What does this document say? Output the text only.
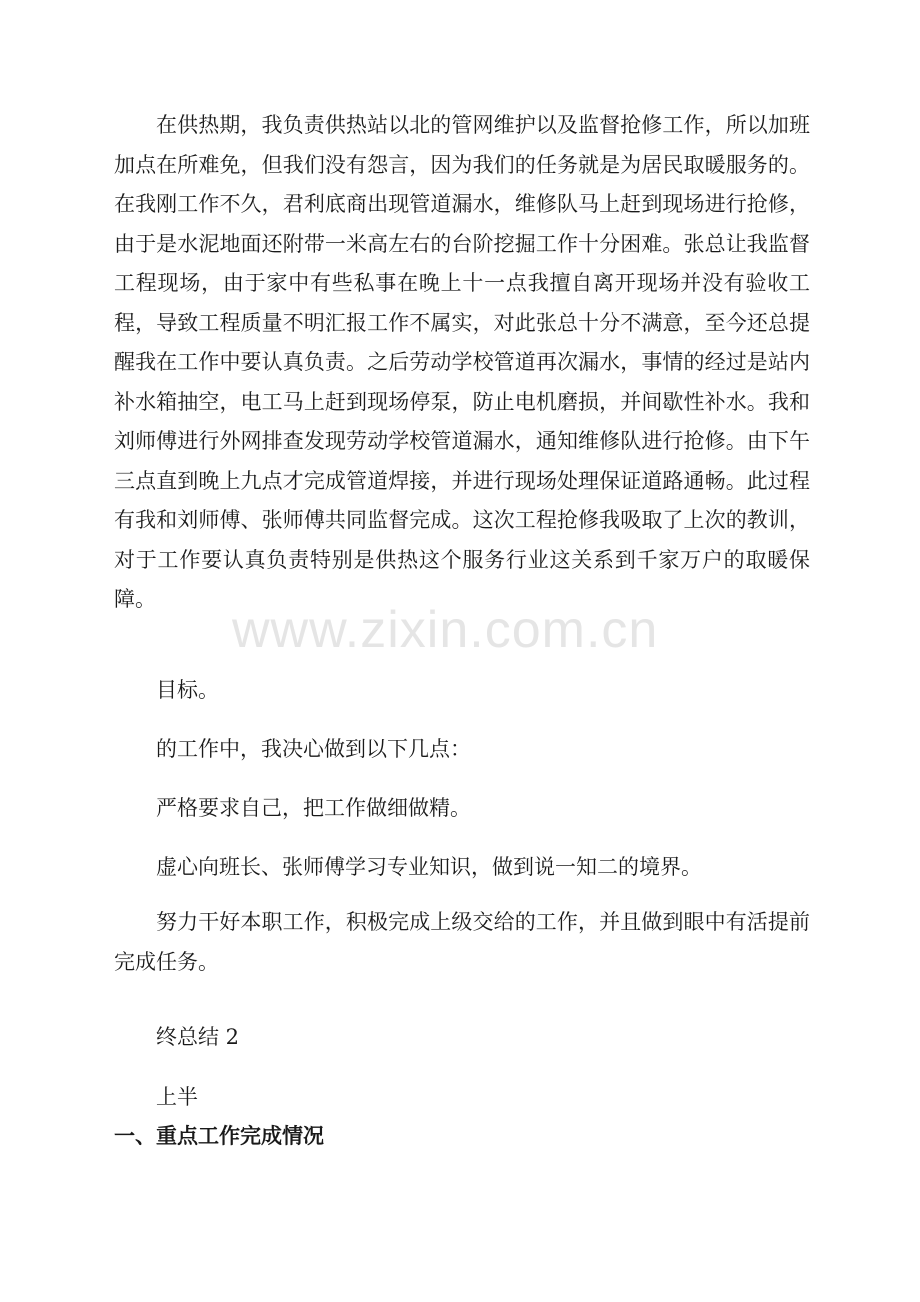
在供热期，我负责供热站以北的管网维护以及监督抢修工作，所以加班加点在所难免，但我们没有怨言，因为我们的任务就是为居民取暖服务的。在我刚工作不久，君利底商出现管道漏水，维修队马上赶到现场进行抢修，由于是水泥地面还附带一米高左右的台阶挖掘工作十分困难。张总让我监督工程现场，由于家中有些私事在晚上十一点我擅自离开现场并没有验收工程，导致工程质量不明汇报工作不属实，对此张总十分不满意，至今还总提醒我在工作中要认真负责。之后劳动学校管道再次漏水，事情的经过是站内补水箱抽空，电工马上赶到现场停泵，防止电机磨损，并间歇性补水。我和刘师傅进行外网排查发现劳动学校管道漏水，通知维修队进行抢修。由下午三点直到晚上九点才完成管道焊接，并进行现场处理保证道路通畅。此过程有我和刘师傅、张师傅共同监督完成。这次工程抢修我吸取了上次的教训，对于工作要认真负责特别是供热这个服务行业这关系到千家万户的取暖保障。

目标。

的工作中，我决心做到以下几点：

严格要求自己，把工作做细做精。

虚心向班长、张师傅学习专业知识，做到说一知二的境界。

努力干好本职工作，积极完成上级交给的工作，并且做到眼中有活提前完成任务。

终总结 2

上半

一、重点工作完成情况
www.zixin.com.cn
